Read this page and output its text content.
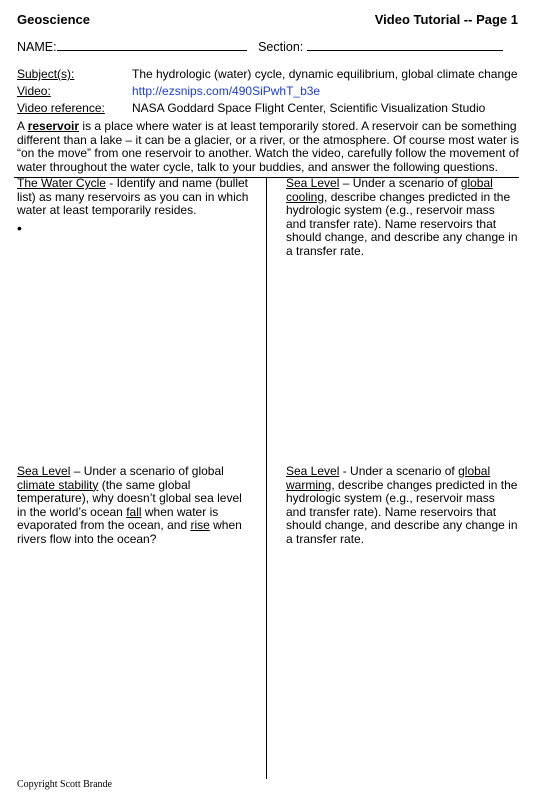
Geoscience	Video Tutorial -- Page 1
NAME:	Section:
Subject(s):	The hydrologic (water) cycle, dynamic equilibrium, global climate change
Video:	http://ezsnips.com/490SiPwhT_b3e
Video reference: NASA Goddard Space Flight Center, Scientific Visualization Studio
A reservoir is a place where water is at least temporarily stored. A reservoir can be something different than a lake – it can be a glacier, or a river, or the atmosphere. Of course most water is “on the move” from one reservoir to another. Watch the video, carefully follow the movement of water throughout the water cycle, talk to your buddies, and answer the following questions.
The Water Cycle - Identify and name (bullet list) as many reservoirs as you can in which water at least temporarily resides.
•
Sea Level – Under a scenario of global cooling, describe changes predicted in the hydrologic system (e.g., reservoir mass and transfer rate). Name reservoirs that should change, and describe any change in a transfer rate.
Sea Level – Under a scenario of global climate stability (the same global temperature), why doesn’t global sea level in the world’s ocean fall when water is evaporated from the ocean, and rise when rivers flow into the ocean?
Sea Level - Under a scenario of global warming, describe changes predicted in the hydrologic system (e.g., reservoir mass and transfer rate). Name reservoirs that should change, and describe any change in a transfer rate.
Copyright Scott Brande
